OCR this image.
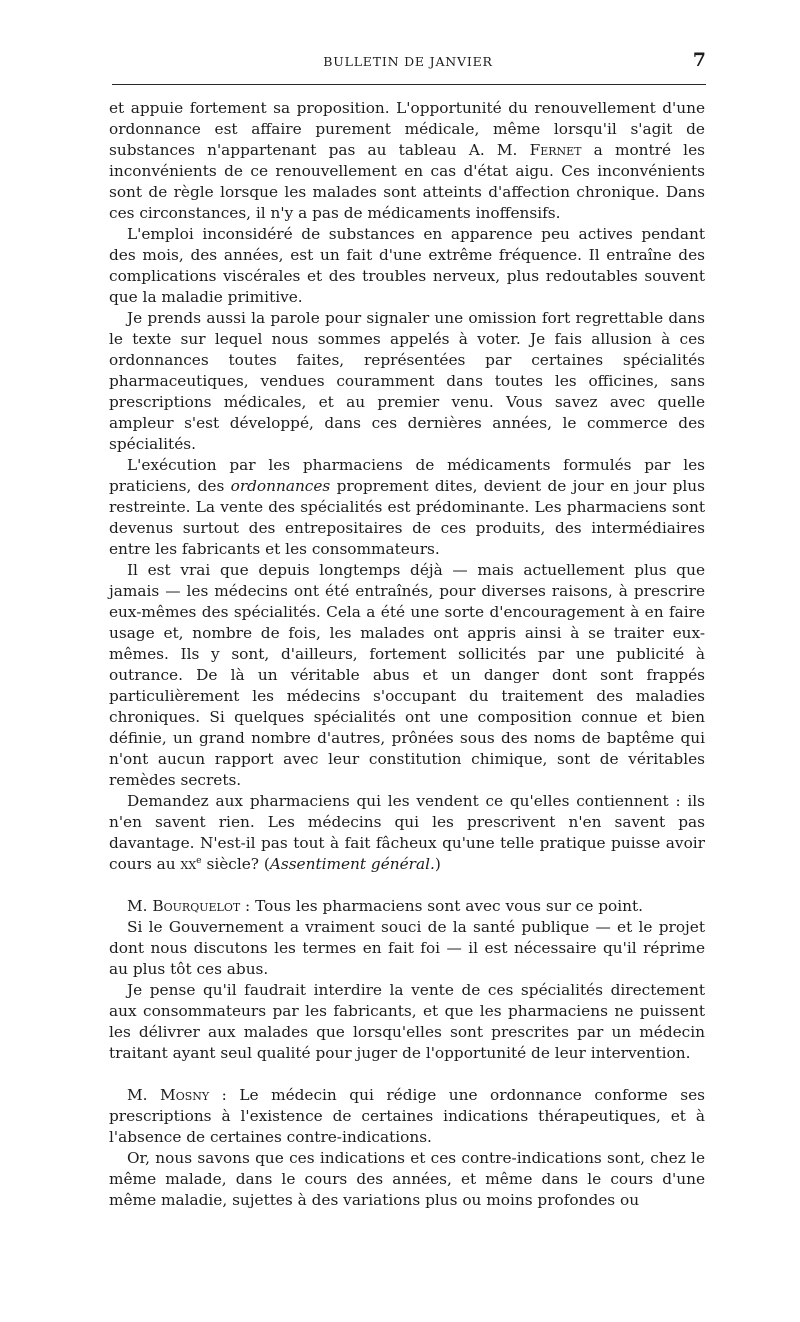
BULLETIN DE JANVIER	7

et appuie fortement sa proposition. L'opportunité du renouvellement d'une ordonnance est affaire purement médicale, même lorsqu'il s'agit de substances n'appartenant pas au tableau A. M. Fernet a montré les inconvénients de ce renouvellement en cas d'état aigu. Ces inconvénients sont de règle lorsque les malades sont atteints d'affection chronique. Dans ces circonstances, il n'y a pas de médicaments inoffensifs.

L'emploi inconsidéré de substances en apparence peu actives pendant des mois, des années, est un fait d'une extrême fréquence. Il entraîne des complications viscérales et des troubles nerveux, plus redoutables souvent que la maladie primitive.

Je prends aussi la parole pour signaler une omission fort regrettable dans le texte sur lequel nous sommes appelés à voter. Je fais allusion à ces ordonnances toutes faites, représentées par certaines spécialités pharmaceutiques, vendues couramment dans toutes les officines, sans prescriptions médicales, et au premier venu. Vous savez avec quelle ampleur s'est développé, dans ces dernières années, le commerce des spécialités.

L'exécution par les pharmaciens de médicaments formulés par les praticiens, des ordonnances proprement dites, devient de jour en jour plus restreinte. La vente des spécialités est prédominante. Les pharmaciens sont devenus surtout des entrepositaires de ces produits, des intermédiaires entre les fabricants et les consommateurs.

Il est vrai que depuis longtemps déjà — mais actuellement plus que jamais — les médecins ont été entraînés, pour diverses raisons, à prescrire eux-mêmes des spécialités. Cela a été une sorte d'encouragement à en faire usage et, nombre de fois, les malades ont appris ainsi à se traiter eux-mêmes. Ils y sont, d'ailleurs, fortement sollicités par une publicité à outrance. De là un véritable abus et un danger dont sont frappés particulièrement les médecins s'occupant du traitement des maladies chroniques. Si quelques spécialités ont une composition connue et bien définie, un grand nombre d'autres, prônées sous des noms de baptême qui n'ont aucun rapport avec leur constitution chimique, sont de véritables remèdes secrets.

Demandez aux pharmaciens qui les vendent ce qu'elles contiennent : ils n'en savent rien. Les médecins qui les prescrivent n'en savent pas davantage. N'est-il pas tout à fait fâcheux qu'une telle pratique puisse avoir cours au $xx^e$ siècle? (Assentiment général.)

M. Bourquelot : Tous les pharmaciens sont avec vous sur ce point.

Si le Gouvernement a vraiment souci de la santé publique — et le projet dont nous discutons les termes en fait foi — il est nécessaire qu'il réprime au plus tôt ces abus.

Je pense qu'il faudrait interdire la vente de ces spécialités directement aux consommateurs par les fabricants, et que les pharmaciens ne puissent les délivrer aux malades que lorsqu'elles sont prescrites par un médecin traitant ayant seul qualité pour juger de l'opportunité de leur intervention.

M. Mosny : Le médecin qui rédige une ordonnance conforme ses prescriptions à l'existence de certaines indications thérapeutiques, et à l'absence de certaines contre-indications.

Or, nous savons que ces indications et ces contre-indications sont, chez le même malade, dans le cours des années, et même dans le cours d'une même maladie, sujettes à des variations plus ou moins profondes ou
